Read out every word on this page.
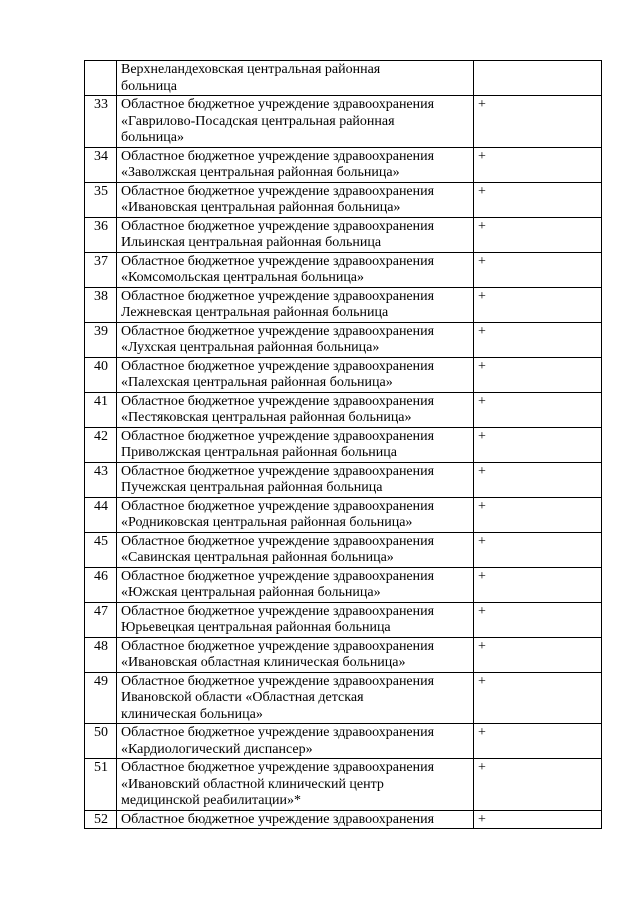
	Верхнеландеховская центральная районная
больница	

33	Областное бюджетное учреждение здравоохранения
«Гаврилово-Посадская центральная районная
больница»	+
34	Областное бюджетное учреждение здравоохранения
«Заволжская центральная районная больница»	+
35	Областное бюджетное учреждение здравоохранения
«Ивановская центральная районная больница»	+
36	Областное бюджетное учреждение здравоохранения
Ильинская центральная районная больница	+
37	Областное бюджетное учреждение здравоохранения
«Комсомольская центральная больница»	+
38	Областное бюджетное учреждение здравоохранения
Лежневская центральная районная больница	+
39	Областное бюджетное учреждение здравоохранения
«Лухская центральная районная больница»	+
40	Областное бюджетное учреждение здравоохранения
«Палехская центральная районная больница»	+
41	Областное бюджетное учреждение здравоохранения
«Пестяковская центральная районная больница»	+
42	Областное бюджетное учреждение здравоохранения
Приволжская центральная районная больница	+
43	Областное бюджетное учреждение здравоохранения
Пучежская центральная районная больница	+
44	Областное бюджетное учреждение здравоохранения
«Родниковская центральная районная больница»	+
45	Областное бюджетное учреждение здравоохранения
«Савинская центральная районная больница»	+
46	Областное бюджетное учреждение здравоохранения
«Южская центральная районная больница»	+
47	Областное бюджетное учреждение здравоохранения
Юрьевецкая центральная районная больница	+
48	Областное бюджетное учреждение здравоохранения
«Ивановская областная клиническая больница»	+
49	Областное бюджетное учреждение здравоохранения
Ивановской области «Областная детская
клиническая больница»	+
50	Областное бюджетное учреждение здравоохранения
«Кардиологический диспансер»	+
51	Областное бюджетное учреждение здравоохранения
«Ивановский областной клинический центр
медицинской реабилитации»*	+
52	Областное бюджетное учреждение здравоохранения	+
